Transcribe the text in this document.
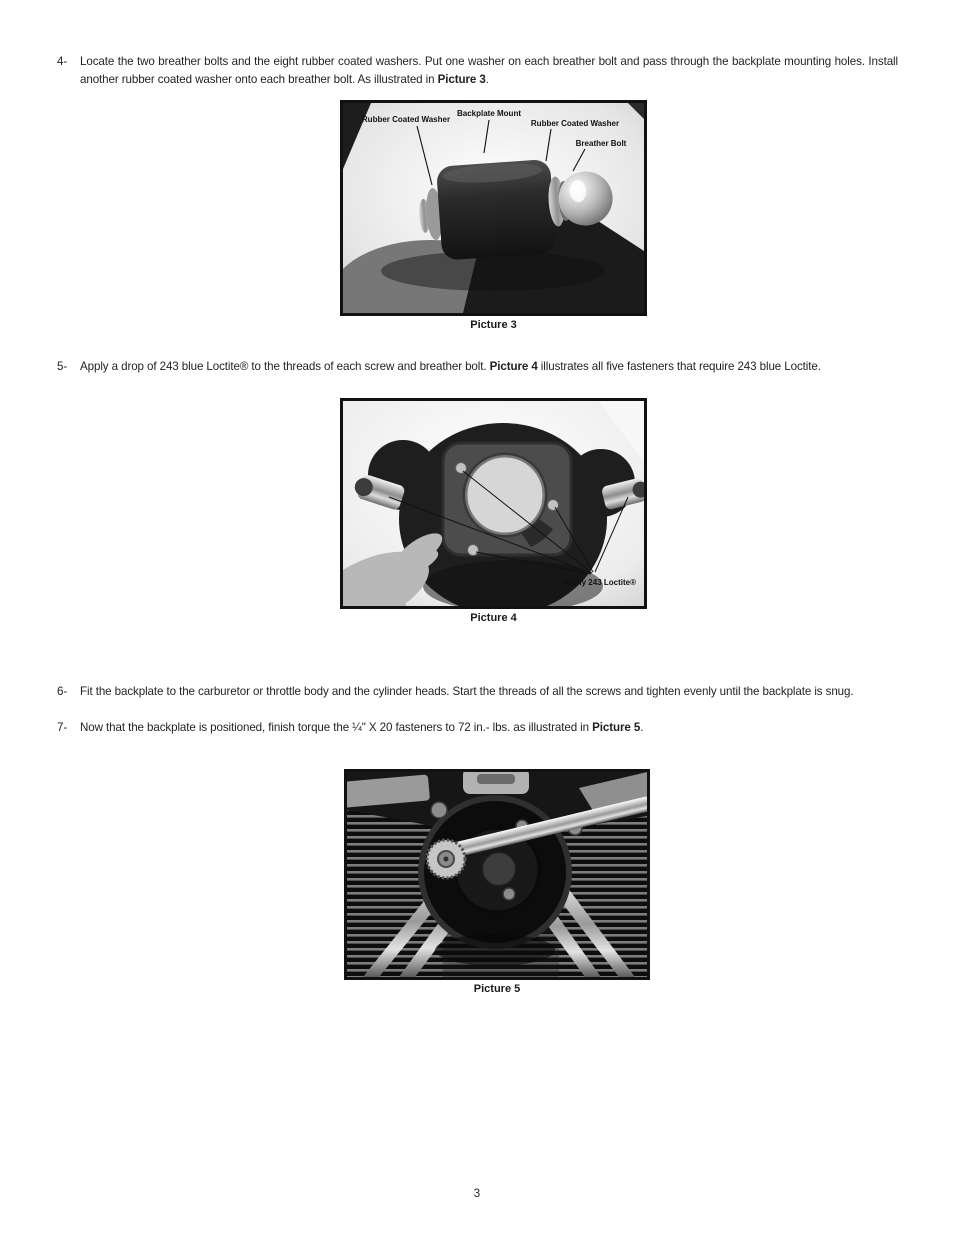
4- Locate the two breather bolts and the eight rubber coated washers. Put one washer on each breather bolt and pass through the backplate mounting holes. Install another rubber coated washer onto each breather bolt. As illustrated in Picture 3.

Rubber Coated Washer
Backplate Mount
Rubber Coated Washer
Breather Bolt
Picture 3
5- Apply a drop of 243 blue Loctite® to the threads of each screw and breather bolt. Picture 4 illustrates all five fasteners that require 243 blue Loctite.

Apply 243 Loctite®
Picture 4
6- Fit the backplate to the carburetor or throttle body and the cylinder heads. Start the threads of all the screws and tighten evenly until the backplate is snug.

7- Now that the backplate is positioned, finish torque the ¼" X 20 fasteners to 72 in.- lbs. as illustrated in Picture 5.

Picture 5
3
